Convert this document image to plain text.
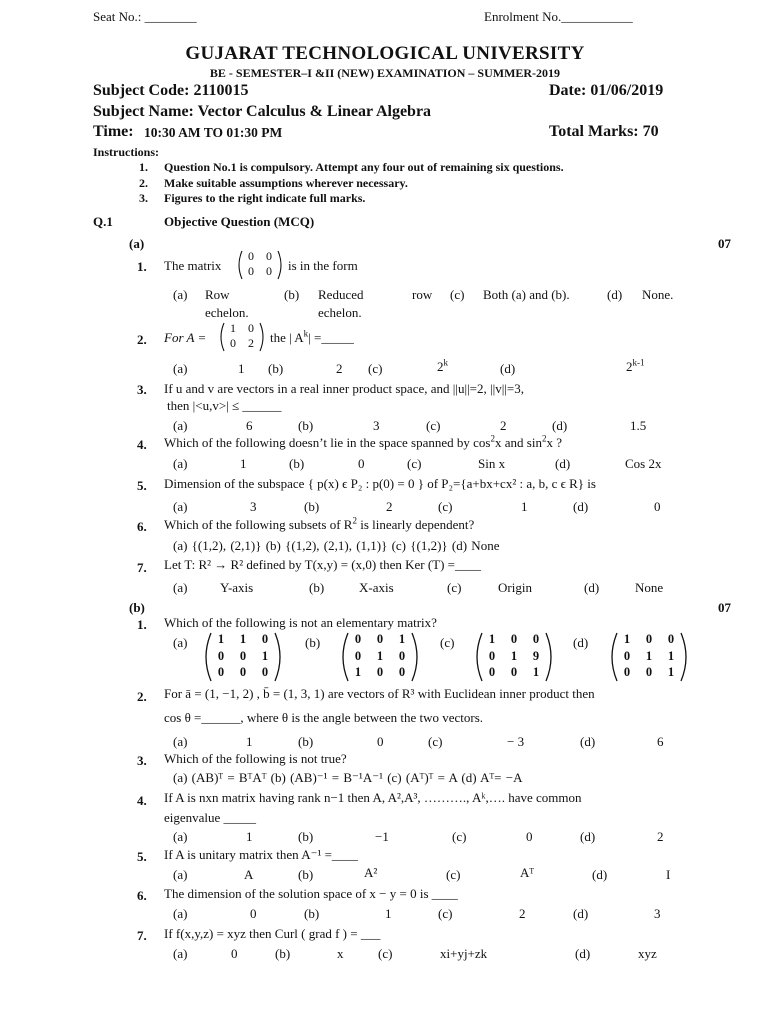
Seat No.: ________	Enrolment No.___________
GUJARAT TECHNOLOGICAL UNIVERSITY
BE - SEMESTER–I &II (NEW) EXAMINATION – SUMMER-2019
Subject Code: 2110015	Date: 01/06/2019
Subject Name: Vector Calculus & Linear Algebra
Time: 10:30 AM TO 01:30 PM	Total Marks: 70
Instructions:
1. Question No.1 is compulsory. Attempt any four out of remaining six questions.
2. Make suitable assumptions wherever necessary.
3. Figures to the right indicate full marks.
Q.1	Objective Question (MCQ)
(a)	07
1. The matrix
0	0
0	0	is in the form
(a) Row
echelon.
(b) Reduced
echelon.
row (c) Both (a) and (b).	(d) None.
2. For A =
1	0
0	2	the | $A^k|$ =_____
(a)	1 (b)	2 (c)	2$^k$	(d)	2$^{k-1}$
3. If u and v are vectors in a real inner product space, and ||u||=2, ||v||=3,
then |<u,v>| ≤ ______
(a)	6	(b)	3	(c)	2	(d)	1.5
4. Which of the following doesn’t lie in the space spanned by $\cos^2x$ and $\sin^2x$ ?
(a)	1	(b)	0	(c)	Sin x	(d)	Cos 2x
5. Dimension of the subspace { p(x) ϵ P₂ : p(0) = 0 } of P₂={a+bx+cx² : a, b, c ϵ R} is
(a)	3	(b)	2	(c)	1	(d)	0
6. Which of the following subsets of $R^2$ is linearly dependent?
(a) {(1,2), (2,1)} (b) {(1,2), (2,1), (1,1)} (c) {(1,2)} (d) None
7. Let T: R² → R² defined by T(x,y) = (x,0) then Ker (T) =____
(a)	Y-axis	(b)	X-axis	(c)	Origin	(d)	None
(b)	07
1. Which of the following is not an elementary matrix?
(a)	1	1	0
0	0	1
0	0	0
(b)	0	0	1
0	1	0
1	0	0
(c)	1	0	0
0	1	9
0	0	1
(d)	1	0	0
0	1	1
0	0	1
2. For ā = (1, −1, 2) , b̄ = (1, 3, 1) are vectors of R³ with Euclidean inner product then
cos θ =______, where θ is the angle between the two vectors.
(a)	1	(b)	0	(c)	− 3	(d)	6
3. Which of the following is not true?
(a) (AB)ᵀ = BᵀAᵀ (b) (AB)⁻¹ = B⁻¹A⁻¹ (c) (Aᵀ)ᵀ = A (d) Aᵀ= −A
4. If A is nxn matrix having rank n−1 then A, A²,A³, ………., Aᵏ,…. have common
eigenvalue _____
(a)	1	(b)	−1	(c)	0	(d)	2
5. If A is unitary matrix then A⁻¹ =____
(a)	A	(b)	A²	(c)	Aᵀ	(d)	I
6. The dimension of the solution space of x − y = 0 is ____
(a)	0	(b)	1	(c)	2	(d)	3
7. If f(x,y,z) = xyz then Curl ( grad f ) = ___
(a)	0	(b)	x	(c)	xi+yj+zk	(d)	xyz
